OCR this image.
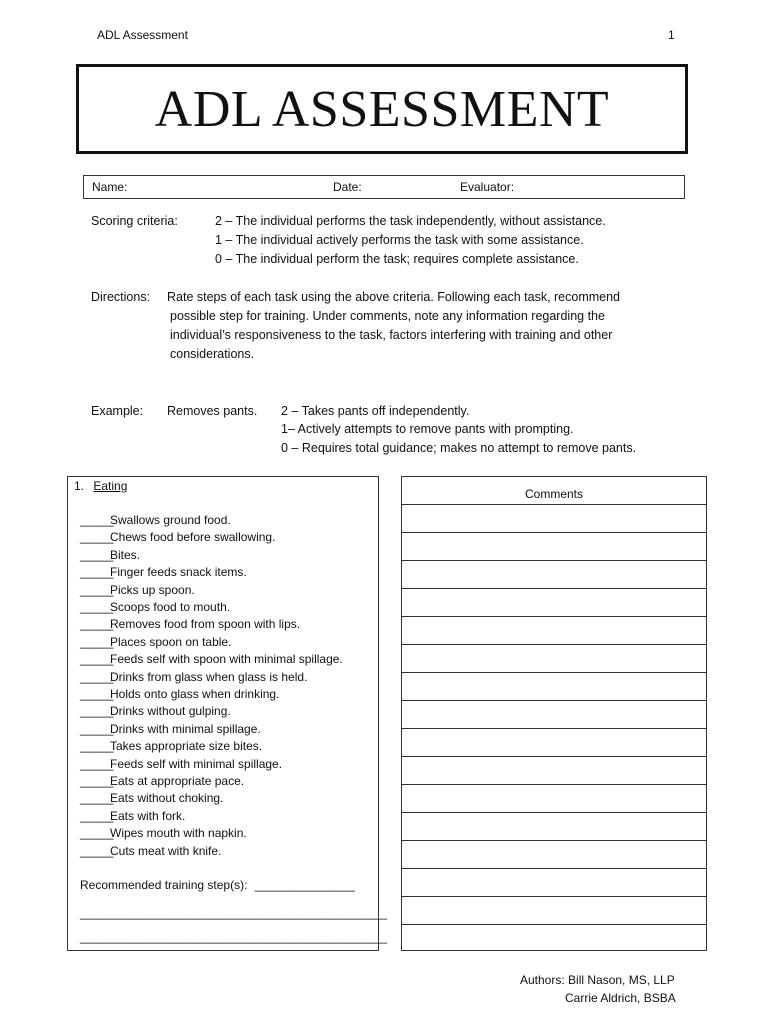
ADL Assessment	1
ADL ASSESSMENT
Name:	Date:	Evaluator:
Scoring criteria:	2 – The individual performs the task independently, without assistance.
1 – The individual actively performs the task with some assistance.
0 – The individual perform the task; requires complete assistance.
Directions: Rate steps of each task using the above criteria. Following each task, recommend
possible step for training. Under comments, note any information regarding the
individual’s responsiveness to the task, factors interfering with training and other
considerations.
Example: Removes pants. 2 – Takes pants off independently.
1– Actively attempts to remove pants with prompting.
0 – Requires total guidance; makes no attempt to remove pants.
1. Eating
_____Swallows ground food.
_____Chews food before swallowing.
_____Bites.
_____Finger feeds snack items.
_____Picks up spoon.
_____Scoops food to mouth.
_____Removes food from spoon with lips.
_____Places spoon on table.
_____Feeds self with spoon with minimal spillage.
_____Drinks from glass when glass is held.
_____Holds onto glass when drinking.
_____Drinks without gulping.
_____Drinks with minimal spillage.
_____Takes appropriate size bites.
_____Feeds self with minimal spillage.
_____Eats at appropriate pace.
_____Eats without choking.
_____Eats with fork.
_____Wipes mouth with napkin.
_____Cuts meat with knife.
Recommended training step(s): _______________
______________________________________________
______________________________________________
Comments
Authors: Bill Nason, MS, LLP
Carrie Aldrich, BSBA
